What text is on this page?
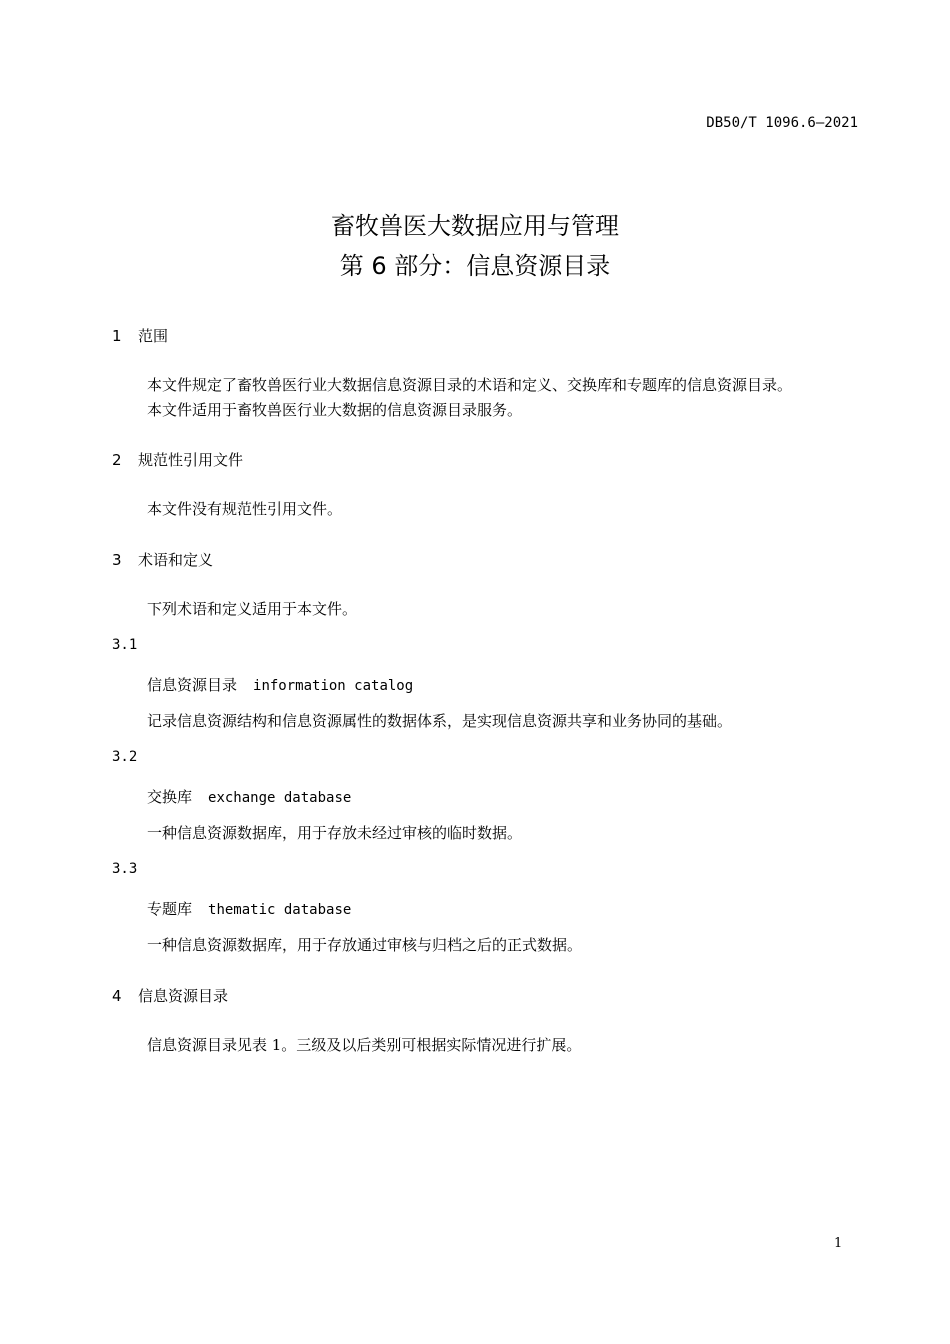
DB50/T 1096.6—2021
畜牧兽医大数据应用与管理
第 6 部分：信息资源目录
1 范围
本文件规定了畜牧兽医行业大数据信息资源目录的术语和定义、交换库和专题库的信息资源目录。
本文件适用于畜牧兽医行业大数据的信息资源目录服务。
2 规范性引用文件
本文件没有规范性引用文件。
3 术语和定义
下列术语和定义适用于本文件。
3.1
信息资源目录 information catalog
记录信息资源结构和信息资源属性的数据体系，是实现信息资源共享和业务协同的基础。
3.2
交换库 exchange database
一种信息资源数据库，用于存放未经过审核的临时数据。
3.3
专题库 thematic database
一种信息资源数据库，用于存放通过审核与归档之后的正式数据。
4 信息资源目录
信息资源目录见表 1。三级及以后类别可根据实际情况进行扩展。
1
